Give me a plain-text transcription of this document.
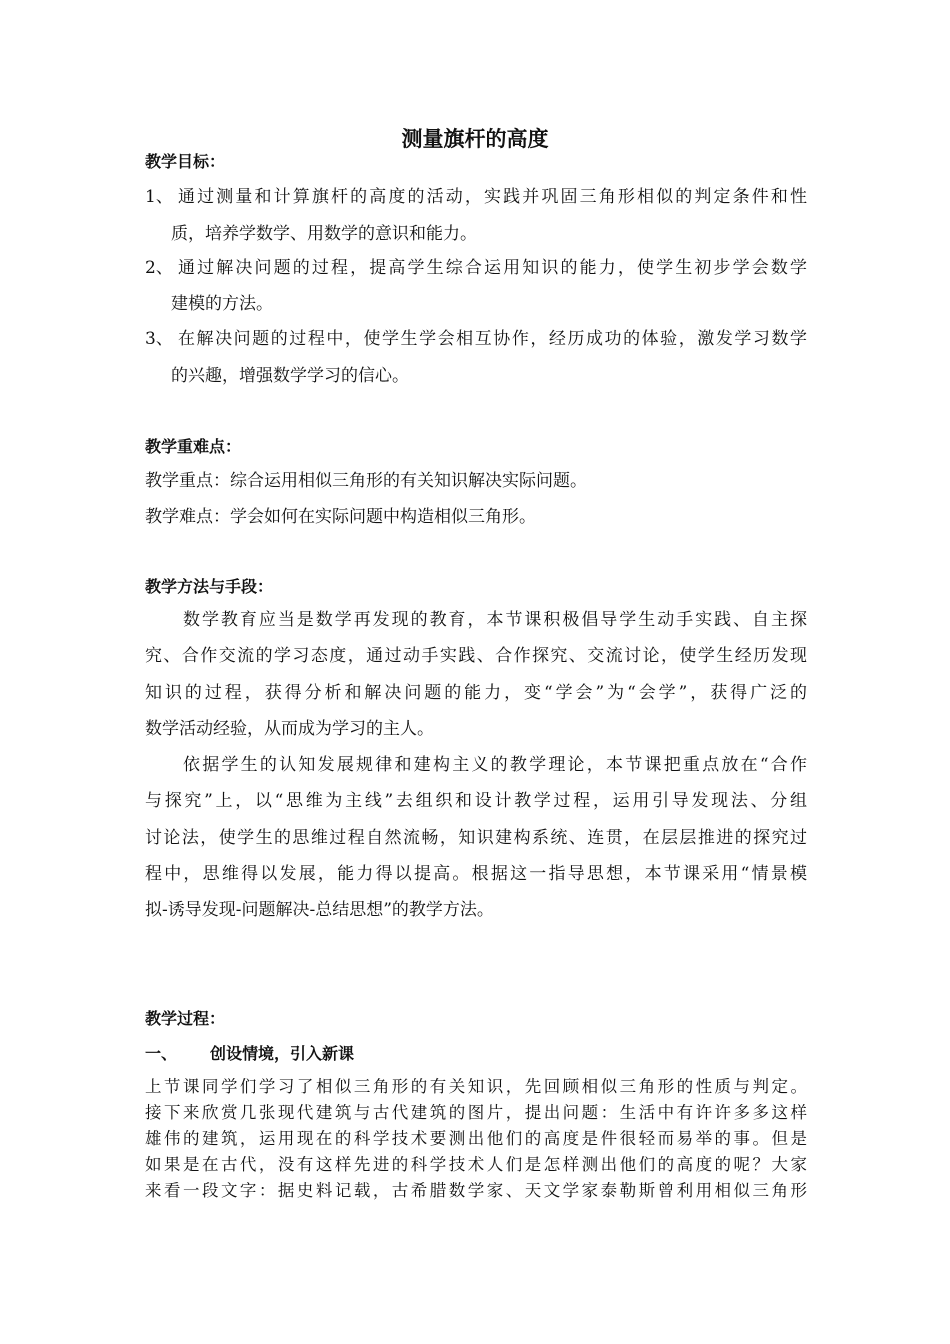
测量旗杆的高度
教学目标：
1、 通过测量和计算旗杆的高度的活动，实践并巩固三角形相似的判定条件和性
质，培养学数学、用数学的意识和能力。
2、 通过解决问题的过程，提高学生综合运用知识的能力，使学生初步学会数学
建模的方法。
3、 在解决问题的过程中，使学生学会相互协作，经历成功的体验，激发学习数学
的兴趣，增强数学学习的信心。
教学重难点：
教学重点：综合运用相似三角形的有关知识解决实际问题。
教学难点：学会如何在实际问题中构造相似三角形。
教学方法与手段：
数学教育应当是数学再发现的教育，本节课积极倡导学生动手实践、自主探
究、合作交流的学习态度，通过动手实践、合作探究、交流讨论，使学生经历发现
知识的过程，获得分析和解决问题的能力，变“学会”为“会学”，获得广泛的
数学活动经验，从而成为学习的主人。
依据学生的认知发展规律和建构主义的教学理论，本节课把重点放在“合作
与探究”上，以“思维为主线”去组织和设计教学过程，运用引导发现法、分组
讨论法，使学生的思维过程自然流畅，知识建构系统、连贯，在层层推进的探究过
程中，思维得以发展，能力得以提高。根据这一指导思想，本节课采用“情景模
拟-诱导发现-问题解决-总结思想”的教学方法。
教学过程：
一、 创设情境，引入新课
上节课同学们学习了相似三角形的有关知识，先回顾相似三角形的性质与判定。
接下来欣赏几张现代建筑与古代建筑的图片，提出问题：生活中有许许多多这样
雄伟的建筑，运用现在的科学技术要测出他们的高度是件很轻而易举的事。但是
如果是在古代，没有这样先进的科学技术人们是怎样测出他们的高度的呢？大家
来看一段文字：据史料记载，古希腊数学家、天文学家泰勒斯曾利用相似三角形
